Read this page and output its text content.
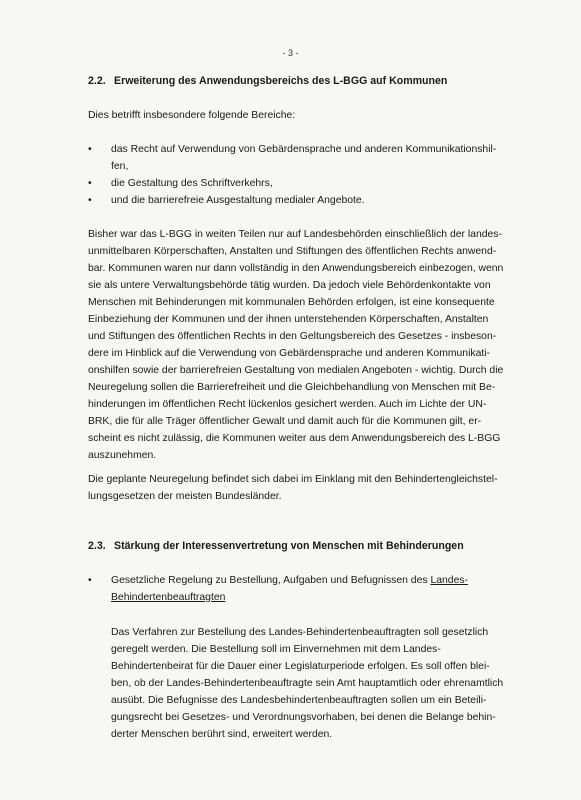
- 3 -
2.2. Erweiterung des Anwendungsbereichs des L-BGG auf Kommunen
Dies betrifft insbesondere folgende Bereiche:
• das Recht auf Verwendung von Gebärdensprache und anderen Kommunikationshil-
fen,
• die Gestaltung des Schriftverkehrs,
• und die barrierefreie Ausgestaltung medialer Angebote.
Bisher war das L-BGG in weiten Teilen nur auf Landesbehörden einschließlich der landes-
unmittelbaren Körperschaften, Anstalten und Stiftungen des öffentlichen Rechts anwend-
bar. Kommunen waren nur dann vollständig in den Anwendungsbereich einbezogen, wenn
sie als untere Verwaltungsbehörde tätig wurden. Da jedoch viele Behördenkontakte von
Menschen mit Behinderungen mit kommunalen Behörden erfolgen, ist eine konsequente
Einbeziehung der Kommunen und der ihnen unterstehenden Körperschaften, Anstalten
und Stiftungen des öffentlichen Rechts in den Geltungsbereich des Gesetzes - insbeson-
dere im Hinblick auf die Verwendung von Gebärdensprache und anderen Kommunikati-
onshilfen sowie der barrierefreien Gestaltung von medialen Angeboten - wichtig. Durch die
Neuregelung sollen die Barrierefreiheit und die Gleichbehandlung von Menschen mit Be-
hinderungen im öffentlichen Recht lückenlos gesichert werden. Auch im Lichte der UN-
BRK, die für alle Träger öffentlicher Gewalt und damit auch für die Kommunen gilt, er-
scheint es nicht zulässig, die Kommunen weiter aus dem Anwendungsbereich des L-BGG
auszunehmen.
Die geplante Neuregelung befindet sich dabei im Einklang mit den Behindertengleichstel-
lungsgesetzen der meisten Bundesländer.
2.3. Stärkung der Interessenvertretung von Menschen mit Behinderungen
• Gesetzliche Regelung zu Bestellung, Aufgaben und Befugnissen des Landes-
Behindertenbeauftragten
Das Verfahren zur Bestellung des Landes-Behindertenbeauftragten soll gesetzlich
geregelt werden. Die Bestellung soll im Einvernehmen mit dem Landes-
Behindertenbeirat für die Dauer einer Legislaturperiode erfolgen. Es soll offen blei-
ben, ob der Landes-Behindertenbeauftragte sein Amt hauptamtlich oder ehrenamtlich
ausübt. Die Befugnisse des Landesbehindertenbeauftragten sollen um ein Beteili-
gungsrecht bei Gesetzes- und Verordnungsvorhaben, bei denen die Belange behin-
derter Menschen berührt sind, erweitert werden.
